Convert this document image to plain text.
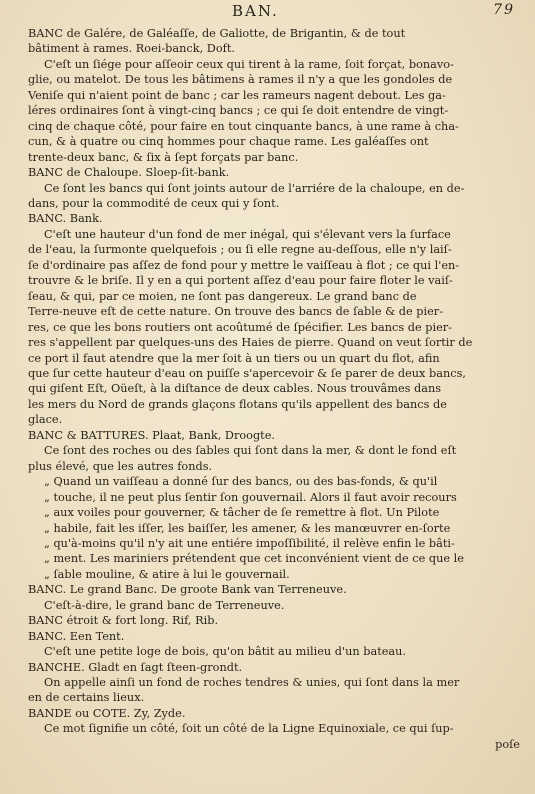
BAN.	79

BANC de Galére, de Galéaſſe, de Galiotte, de Brigantin, & de tout

bâtiment à rames. Roei-banck, Doft.

C'eſt un ſiége pour aſſeoir ceux qui tirent à la rame, ſoit forçat, bonavo-

glie, ou matelot. De tous les bâtimens à rames il n'y a que les gondoles de

Veniſe qui n'aient point de banc ; car les rameurs nagent debout. Les ga-

léres ordinaires ſont à vingt-cinq bancs ; ce qui ſe doit entendre de vingt-

cinq de chaque côté, pour faire en tout cinquante bancs, à une rame à cha-

cun, & à quatre ou cinq hommes pour chaque rame. Les galéaſſes ont

trente-deux banc, & ſix à ſept forçats par banc.

BANC de Chaloupe. Sloep-ſit-bank.

Ce ſont les bancs qui ſont joints autour de l'arriére de la chaloupe, en de-

dans, pour la commodité de ceux qui y ſont.

BANC. Bank.

C'eſt une hauteur d'un fond de mer inégal, qui s'élevant vers la ſurface

de l'eau, la ſurmonte quelquefois ; ou ſi elle regne au-deſſous, elle n'y laiſ-

ſe d'ordinaire pas aſſez de fond pour y mettre le vaiſſeau à flot ; ce qui l'en-

trouvre & le briſe. Il y en a qui portent aſſez d'eau pour faire floter le vaiſ-

ſeau, & qui, par ce moien, ne ſont pas dangereux. Le grand banc de

Terre-neuve eſt de cette nature. On trouve des bancs de ſable & de pier-

res, ce que les bons routiers ont acoûtumé de ſpécifier. Les bancs de pier-

res s'appellent par quelques-uns des Haies de pierre. Quand on veut ſortir de

ce port il faut atendre que la mer ſoit à un tiers ou un quart du flot, afin

que ſur cette hauteur d'eau on puiſſe s'apercevoir & ſe parer de deux bancs,

qui giſent Eſt, Oüeſt, à la diſtance de deux cables. Nous trouvâmes dans

les mers du Nord de grands glaçons flotans qu'ils appellent des bancs de

glace.

BANC & BATTURES. Plaat, Bank, Droogte.

Ce ſont des roches ou des ſables qui ſont dans la mer, & dont le fond eſt

plus élevé, que les autres fonds.

„ Quand un vaiſſeau a donné ſur des bancs, ou des bas-fonds, & qu'il

„ touche, il ne peut plus ſentir ſon gouvernail. Alors il faut avoir recours

„ aux voiles pour gouverner, & tâcher de ſe remettre à flot. Un Pilote

„ habile, fait les iſſer, les baiſſer, les amener, & les manœuvrer en-ſorte

„ qu'à-moins qu'il n'y ait une entiére impoſſibilité, il relève enfin le bâti-

„ ment. Les mariniers prétendent que cet inconvénient vient de ce que le

„ ſable mouline, & atire à lui le gouvernail.

BANC. Le grand Banc. De groote Bank van Terreneuve.

C'eſt-à-dire, le grand banc de Terreneuve.

BANC étroit & fort long. Rif, Rib.

BANC. Een Tent.

C'eſt une petite loge de bois, qu'on bâtit au milieu d'un bateau.

BANCHE. Gladt en ſagt ſteen-grondt.

On appelle ainſi un fond de roches tendres & unies, qui ſont dans la mer

en de certains lieux.

BANDE ou COTE. Zy, Zyde.

Ce mot ſignifie un côté, ſoit un côté de la Ligne Equinoxiale, ce qui ſup-

poſe
